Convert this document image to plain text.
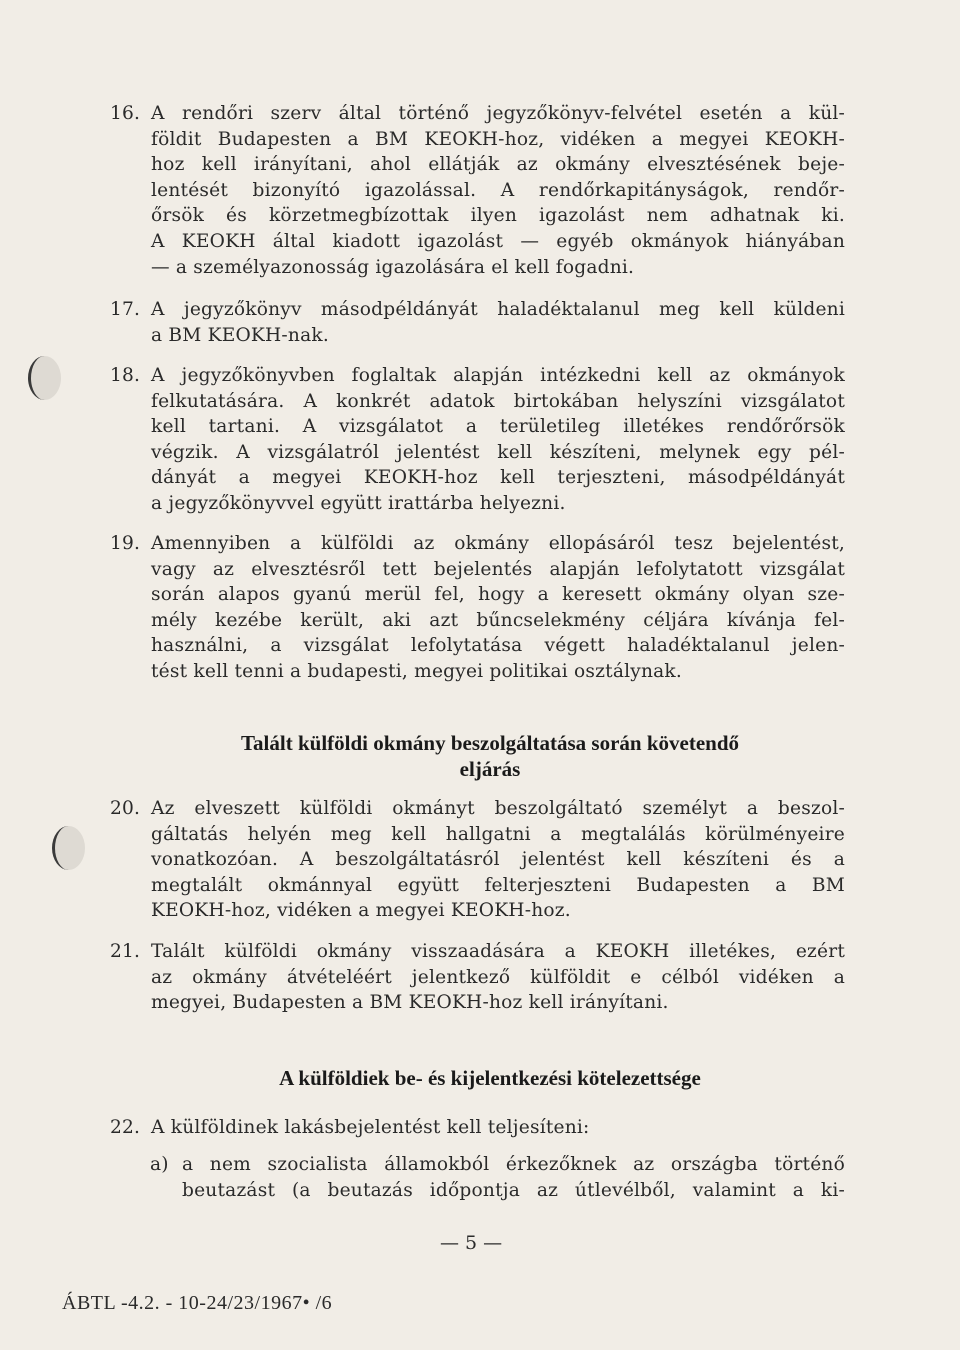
16. A rendőri szerv által történő jegyzőkönyv-felvétel esetén a kül-
földit Budapesten a BM KEOKH-hoz, vidéken a megyei KEOKH-
hoz kell irányítani, ahol ellátják az okmány elvesztésének beje-
lentését bizonyító igazolással. A rendőrkapitányságok, rendőr-
őrsök és körzetmegbízottak ilyen igazolást nem adhatnak ki.
A KEOKH által kiadott igazolást — egyéb okmányok hiányában
— a személyazonosság igazolására el kell fogadni.
17. A jegyzőkönyv másodpéldányát haladéktalanul meg kell küldeni
a BM KEOKH-nak.
18. A jegyzőkönyvben foglaltak alapján intézkedni kell az okmányok
felkutatására. A konkrét adatok birtokában helyszíni vizsgálatot
kell tartani. A vizsgálatot a területileg illetékes rendőrőrsök
végzik. A vizsgálatról jelentést kell készíteni, melynek egy pél-
dányát a megyei KEOKH-hoz kell terjeszteni, másodpéldányát
a jegyzőkönyvvel együtt irattárba helyezni.
19. Amennyiben a külföldi az okmány ellopásáról tesz bejelentést,
vagy az elvesztésről tett bejelentés alapján lefolytatott vizsgálat
során alapos gyanú merül fel, hogy a keresett okmány olyan sze-
mély kezébe került, aki azt bűncselekmény céljára kívánja fel-
használni, a vizsgálat lefolytatása végett haladéktalanul jelen-
tést kell tenni a budapesti, megyei politikai osztálynak.
Talált külföldi okmány beszolgáltatása során követendő
eljárás
20. Az elveszett külföldi okmányt beszolgáltató személyt a beszol-
gáltatás helyén meg kell hallgatni a megtalálás körülményeire
vonatkozóan. A beszolgáltatásról jelentést kell készíteni és a
megtalált okmánnyal együtt felterjeszteni Budapesten a BM
KEOKH-hoz, vidéken a megyei KEOKH-hoz.
21. Talált külföldi okmány visszaadására a KEOKH illetékes, ezért
az okmány átvételéért jelentkező külföldit e célból vidéken a
megyei, Budapesten a BM KEOKH-hoz kell irányítani.
A külföldiek be- és kijelentkezési kötelezettsége
22. A külföldinek lakásbejelentést kell teljesíteni:
a) a nem szocialista államokból érkezőknek az országba történő
beutazást (a beutazás időpontja az útlevélből, valamint a ki-
— 5 —
ÁBTL -4.2. - 10-24/23/1967• /6
